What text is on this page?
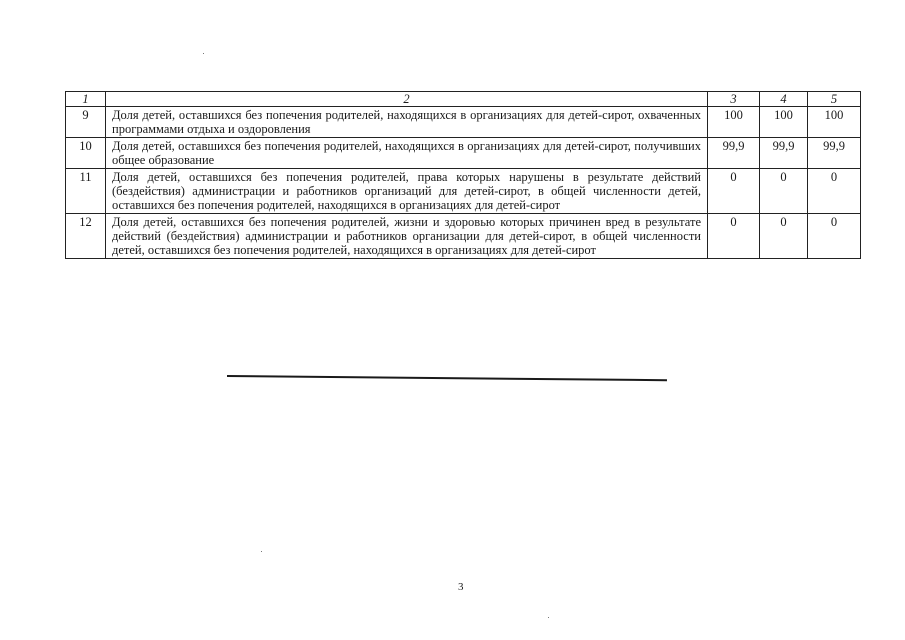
1	2	3	4	5
9	Доля детей, оставшихся без попечения родителей, находящихся в организациях для детей-сирот, охваченных программами отдыха и оздоровления	100	100	100
10	Доля детей, оставшихся без попечения родителей, находящихся в организациях для детей-сирот, получивших общее образование	99,9	99,9	99,9
11	Доля детей, оставшихся без попечения родителей, права которых нарушены в результате действий (бездействия) администрации и работников организаций для детей-сирот, в общей численности детей, оставшихся без попечения родителей, находящихся в организациях для детей-сирот	0	0	0
12	Доля детей, оставшихся без попечения родителей, жизни и здоровью которых причинен вред в результате действий (бездействия) администрации и работников организации для детей-сирот, в общей численности детей, оставшихся без попечения родителей, находящихся в организациях для детей-сирот	0	0	0
3
